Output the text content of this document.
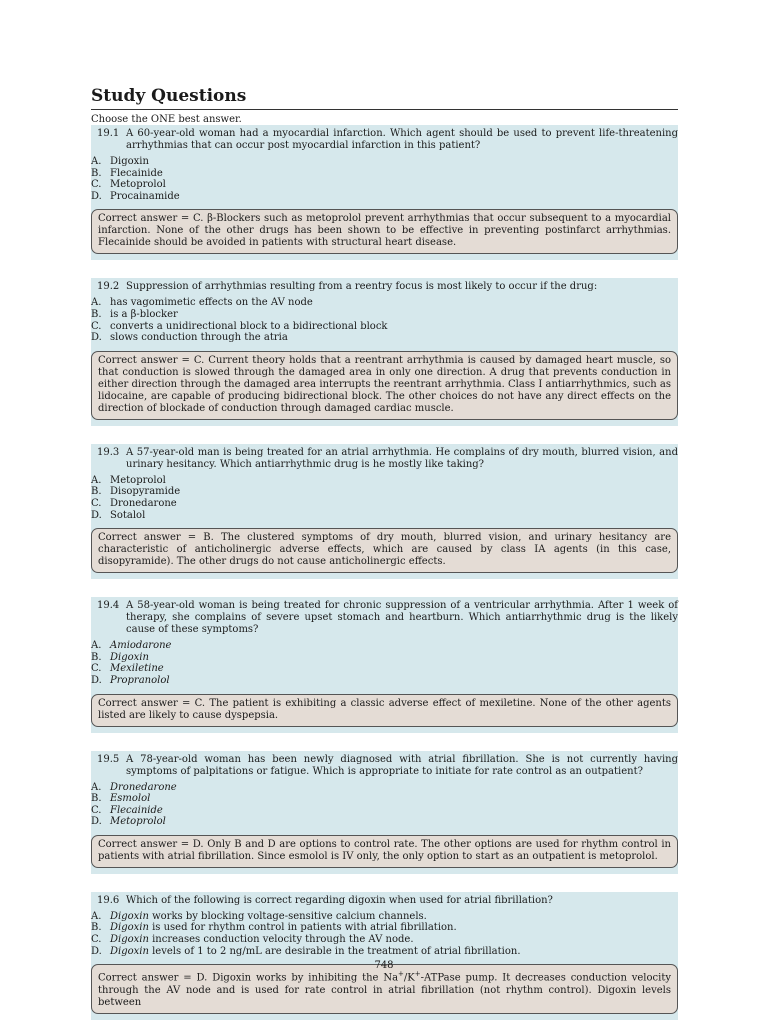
Study Questions

Choose the ONE best answer.

19.1 A 60-year-old woman had a myocardial infarction. Which agent should be used to prevent life-threatening arrhythmias that can occur post myocardial infarction in this patient?

A. Digoxin
B. Flecainide
C. Metoprolol
D. Procainamide
Correct answer = C. β-Blockers such as metoprolol prevent arrhythmias that occur subsequent to a myocardial infarction. None of the other drugs has been shown to be effective in preventing postinfarct arrhythmias. Flecainide should be avoided in patients with structural heart disease.

19.2 Suppression of arrhythmias resulting from a reentry focus is most likely to occur if the drug:

A. has vagomimetic effects on the AV node
B. is a β-blocker
C. converts a unidirectional block to a bidirectional block
D. slows conduction through the atria
Correct answer = C. Current theory holds that a reentrant arrhythmia is caused by damaged heart muscle, so that conduction is slowed through the damaged area in only one direction. A drug that prevents conduction in either direction through the damaged area interrupts the reentrant arrhythmia. Class I antiarrhythmics, such as lidocaine, are capable of producing bidirectional block. The other choices do not have any direct effects on the direction of blockade of conduction through damaged cardiac muscle.

19.3 A 57-year-old man is being treated for an atrial arrhythmia. He complains of dry mouth, blurred vision, and urinary hesitancy. Which antiarrhythmic drug is he mostly like taking?

A. Metoprolol
B. Disopyramide
C. Dronedarone
D. Sotalol
Correct answer = B. The clustered symptoms of dry mouth, blurred vision, and urinary hesitancy are characteristic of anticholinergic adverse effects, which are caused by class IA agents (in this case, disopyramide). The other drugs do not cause anticholinergic effects.

19.4 A 58-year-old woman is being treated for chronic suppression of a ventricular arrhythmia. After 1 week of therapy, she complains of severe upset stomach and heartburn. Which antiarrhythmic drug is the likely cause of these symptoms?

A. Amiodarone
B. Digoxin
C. Mexiletine
D. Propranolol
Correct answer = C. The patient is exhibiting a classic adverse effect of mexiletine. None of the other agents listed are likely to cause dyspepsia.

19.5 A 78-year-old woman has been newly diagnosed with atrial fibrillation. She is not currently having symptoms of palpitations or fatigue. Which is appropriate to initiate for rate control as an outpatient?

A. Dronedarone
B. Esmolol
C. Flecainide
D. Metoprolol
Correct answer = D. Only B and D are options to control rate. The other options are used for rhythm control in patients with atrial fibrillation. Since esmolol is IV only, the only option to start as an outpatient is metoprolol.

19.6 Which of the following is correct regarding digoxin when used for atrial fibrillation?

A. Digoxin works by blocking voltage-sensitive calcium channels.
B. Digoxin is used for rhythm control in patients with atrial fibrillation.
C. Digoxin increases conduction velocity through the AV node.
D. Digoxin levels of 1 to 2 ng/mL are desirable in the treatment of atrial fibrillation.
Correct answer = D. Digoxin works by inhibiting the Na+/K+-ATPase pump. It decreases conduction velocity through the AV node and is used for rate control in atrial fibrillation (not rhythm control). Digoxin levels between
748
